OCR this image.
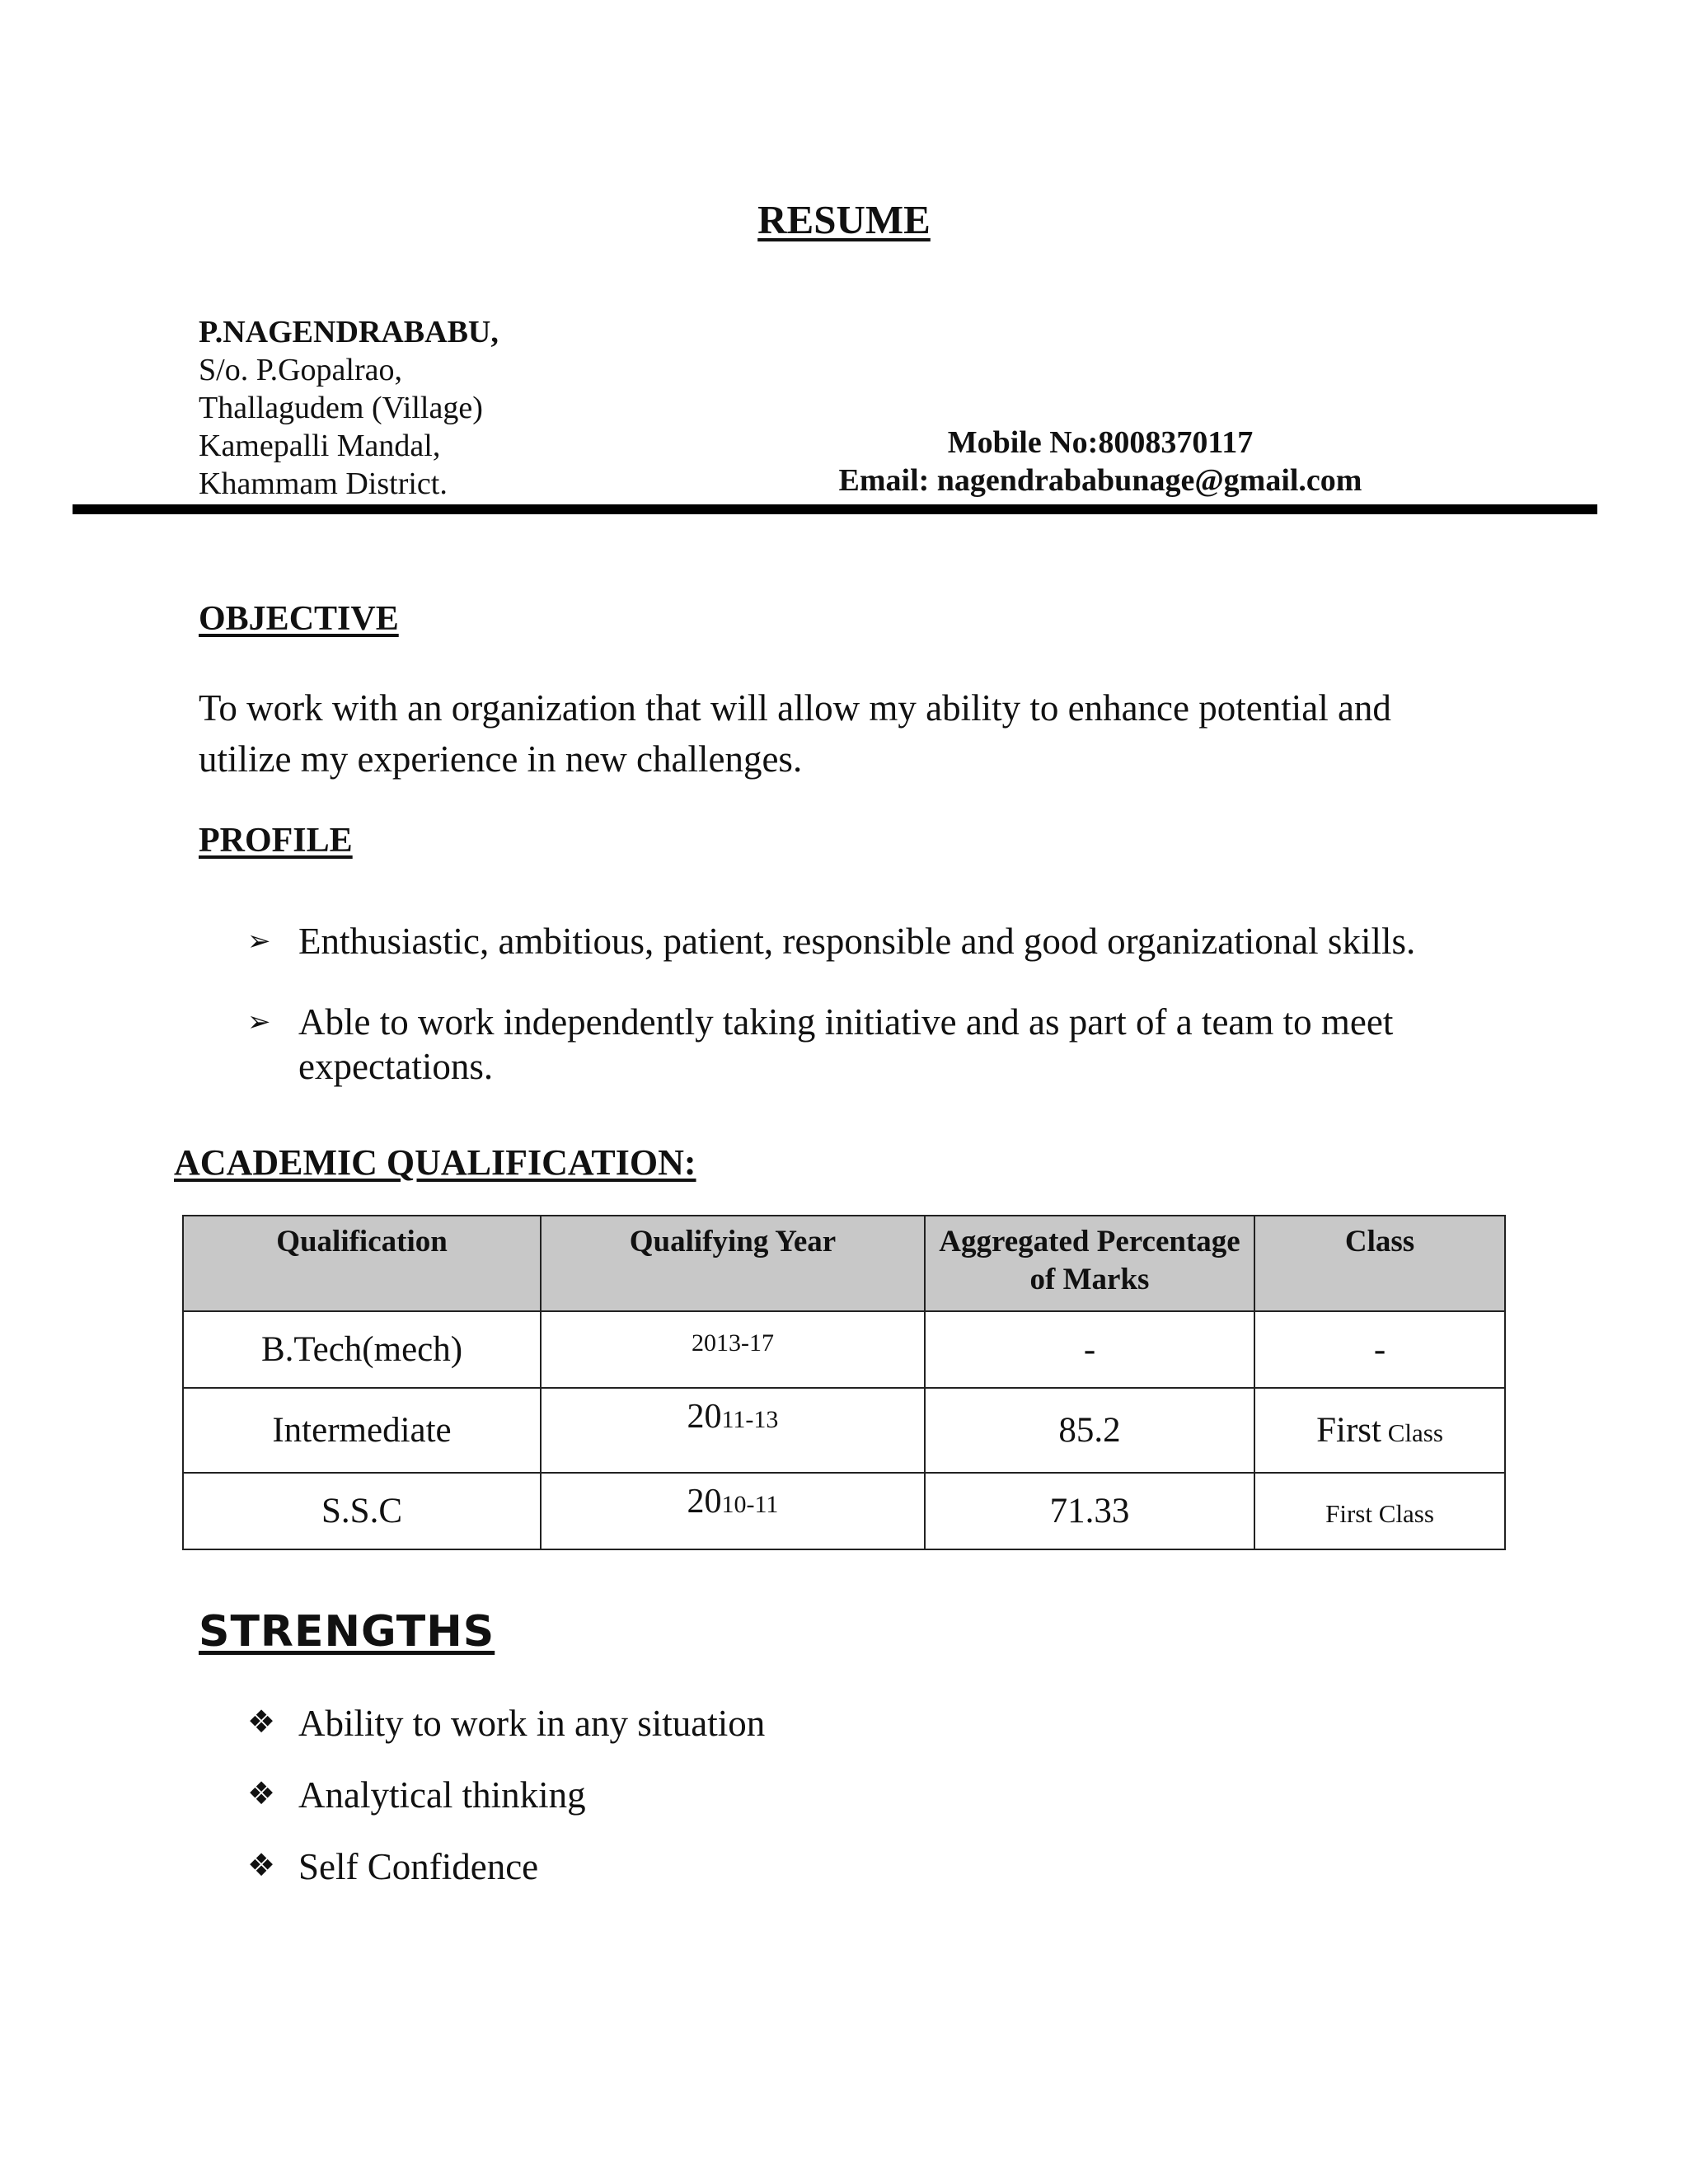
RESUME
P.NAGENDRABABU,
S/o. P.Gopalrao,
Thallagudem (Village)
Kamepalli Mandal,
Khammam District.
Mobile No:8008370117
Email: nagendrababunage@gmail.com
OBJECTIVE
To work with an organization that will allow my ability to enhance potential and utilize my experience in new challenges.
PROFILE
➢ Enthusiastic, ambitious, patient, responsible and good organizational skills.
➢ Able to work independently taking initiative and as part of a team to meet expectations.
ACADEMIC QUALIFICATION:
Qualification	Qualifying Year	Aggregated Percentage of Marks	Class
B.Tech(mech)	2013-17	-	-
Intermediate	2011-13	85.2	First Class
S.S.C	2010-11	71.33	First Class
STRENGTHS
❖ Ability to work in any situation
❖ Analytical thinking
❖ Self Confidence
